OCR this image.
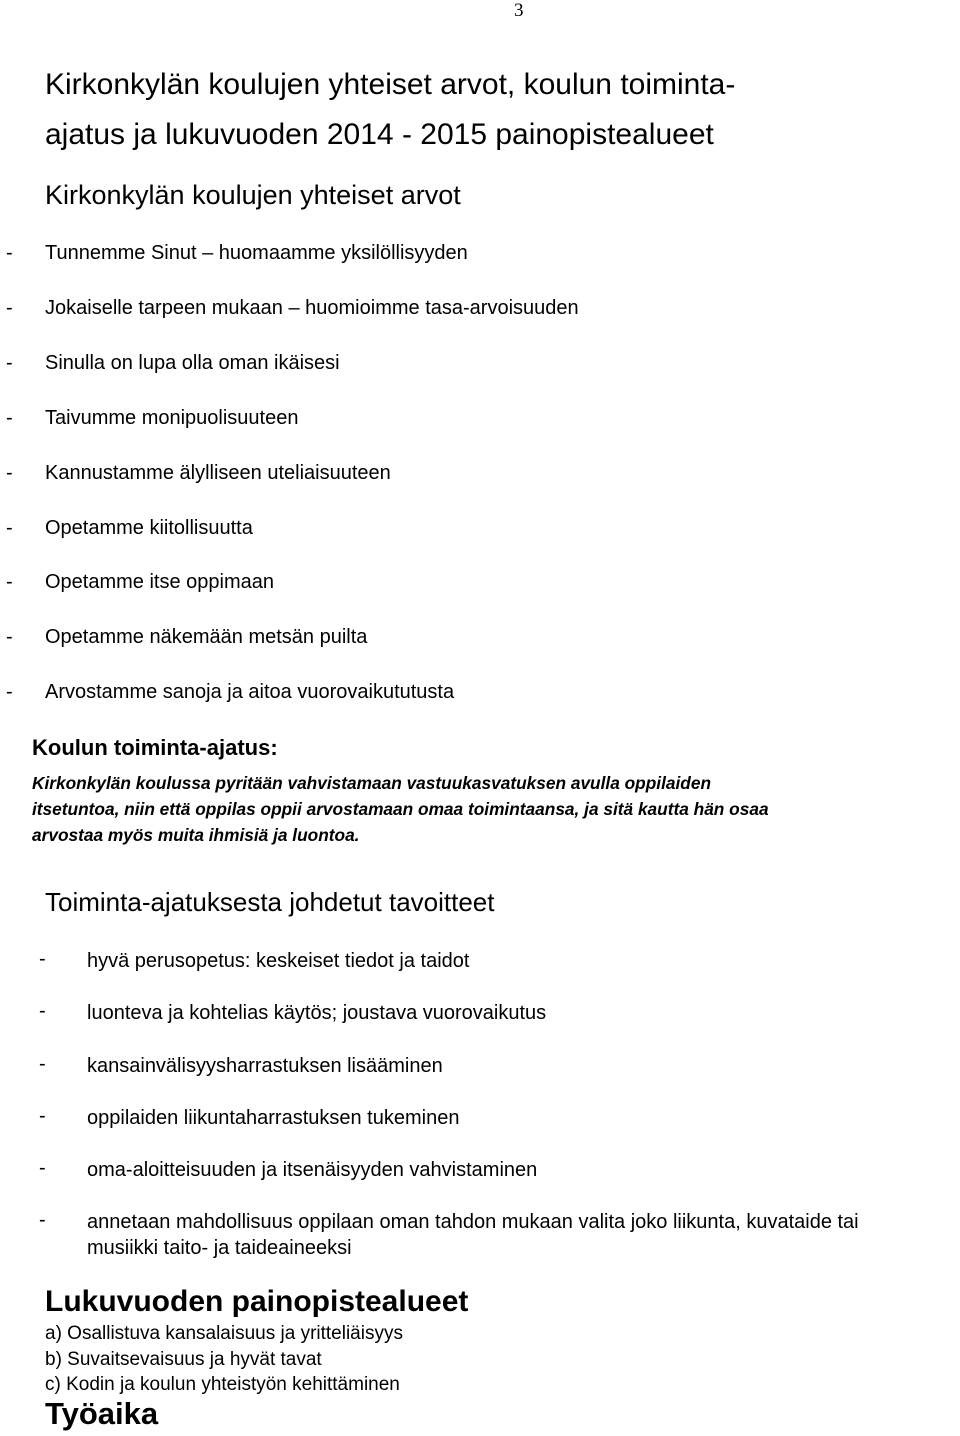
3
Kirkonkylän koulujen yhteiset arvot, koulun toiminta-
ajatus ja lukuvuoden 2014 - 2015 painopistealueet
Kirkonkylän koulujen yhteiset arvot
- Tunnemme Sinut – huomaamme yksilöllisyyden
- Jokaiselle tarpeen mukaan – huomioimme tasa-arvoisuuden
- Sinulla on lupa olla oman ikäisesi
- Taivumme monipuolisuuteen
- Kannustamme älylliseen uteliaisuuteen
- Opetamme kiitollisuutta
- Opetamme itse oppimaan
- Opetamme näkemään metsän puilta
- Arvostamme sanoja ja aitoa vuorovaikututusta
Koulun toiminta-ajatus:
Kirkonkylän koulussa pyritään vahvistamaan vastuukasvatuksen avulla oppilaiden
itsetuntoa, niin että oppilas oppii arvostamaan omaa toimintaansa, ja sitä kautta hän osaa
arvostaa myös muita ihmisiä ja luontoa.
Toiminta-ajatuksesta johdetut tavoitteet
- hyvä perusopetus: keskeiset tiedot ja taidot
- luonteva ja kohtelias käytös; joustava vuorovaikutus
- kansainvälisyysharrastuksen lisääminen
- oppilaiden liikuntaharrastuksen tukeminen
- oma-aloitteisuuden ja itsenäisyyden vahvistaminen
- annetaan mahdollisuus oppilaan oman tahdon mukaan valita joko liikunta, kuvataide tai
musiikki taito- ja taideaineeksi
Lukuvuoden painopistealueet
a) Osallistuva kansalaisuus ja yritteliäisyys
b) Suvaitsevaisuus ja hyvät tavat
c) Kodin ja koulun yhteistyön kehittäminen
Työaika
